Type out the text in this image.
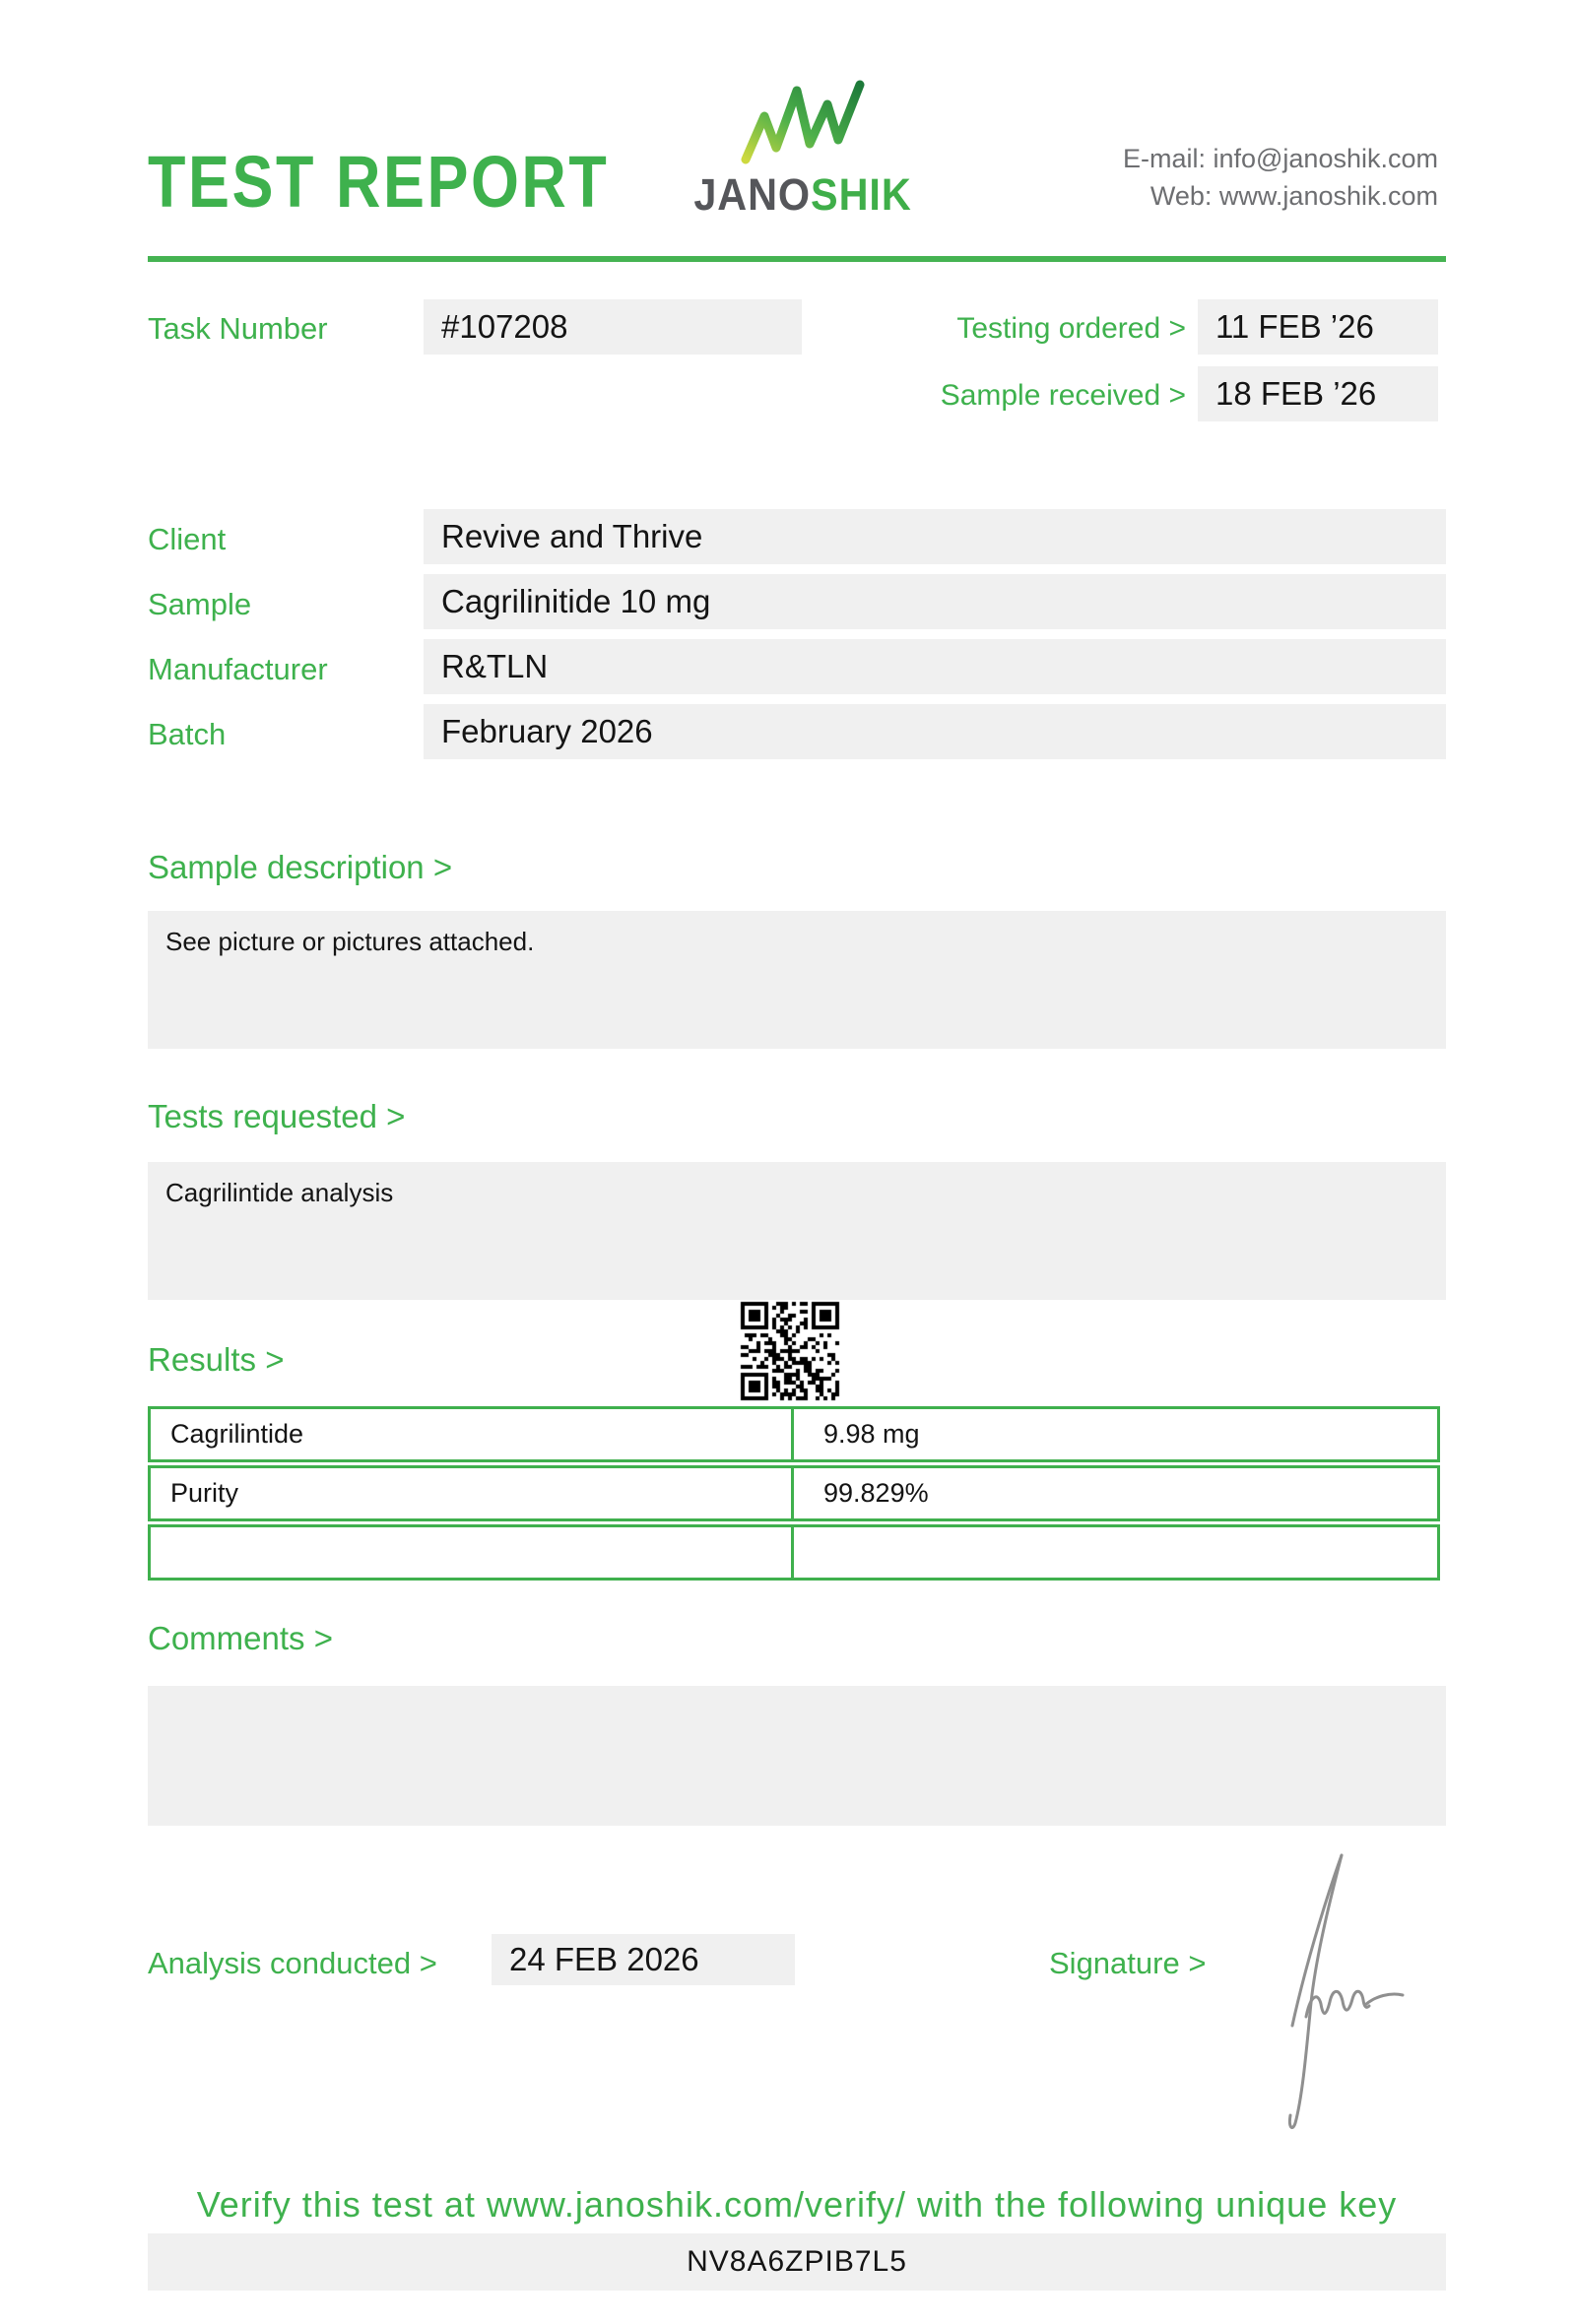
TEST REPORT JANOSHIK
E-mail: info@janoshik.com
Web: www.janoshik.com
Task Number	#107208	Testing ordered > 11 FEB ’26
Sample received > 18 FEB ’26
Client	Revive and Thrive
Sample	Cagrilinitide 10 mg
Manufacturer	R&TLN
Batch	February 2026
Sample description >
See picture or pictures attached.
Tests requested >
Cagrilintide analysis
Results >
Cagrilintide	9.98 mg
Purity	99.829%
Comments >
Analysis conducted >	24 FEB 2026	Signature >
Verify this test at www.janoshik.com/verify/ with the following unique key
NV8A6ZPIB7L5
